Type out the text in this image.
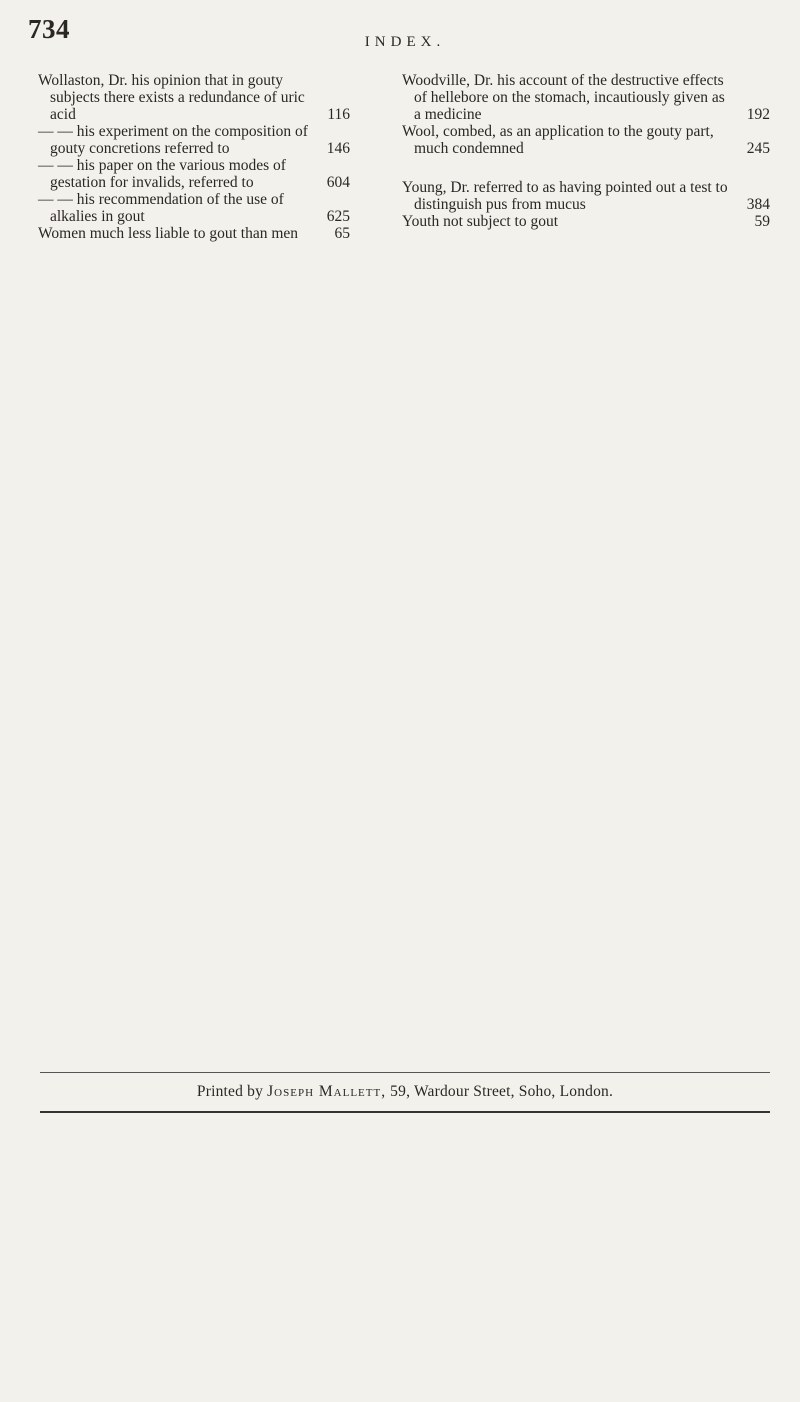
734	INDEX.
Wollaston, Dr. his opinion that in gouty subjects there exists a redundance of uric acid	116
— — his experiment on the composition of gouty concretions referred to	146
— — his paper on the various modes of gestation for invalids, referred to	604
— — his recommendation of the use of alkalies in gout	625
Women much less liable to gout than men 65
Woodville, Dr. his account of the destructive effects of hellebore on the stomach, incautiously given as a medicine	192
Wool, combed, as an application to the gouty part, much condemned	245
Young, Dr. referred to as having pointed out a test to distinguish pus from mucus	384
Youth not subject to gout	59
Printed by Joseph Mallett, 59, Wardour Street, Soho, London.
